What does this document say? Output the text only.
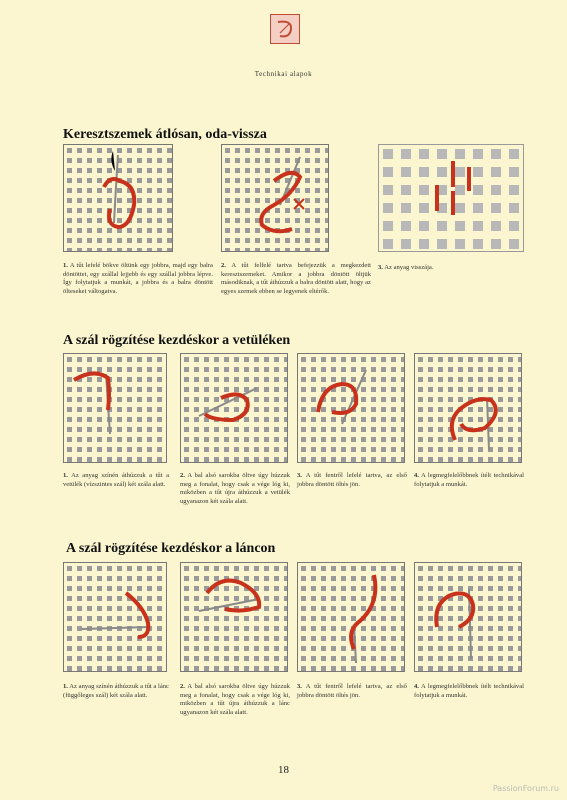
Technikai alapok
Keresztszemek átlósan, oda-vissza
1. A tűt lefelé bökve öltünk egy jobbra, majd egy balra döntöttet, egy szállal lejjebb és egy szállal jobbra lépve. Így folytatjuk a munkát, a jobbra és a balra döntött ölteseket váltogatva.
2. A tűt felfelé tartva befejezzük a megkezdett keresztszemeket. Amikor a jobbra döntött öltjük másodiknak, a tűt áthúzzuk a balra döntött alatt, hogy az egyes szemek ebben se legyenek eltérők.
3. Az anyag visszája.
A szál rögzítése kezdéskor a vetüléken
1. Az anyag színén áthúzzuk a tűt a vetülék (vízszintes szál) két szála alatt.
2. A bal alsó sarokba öltve úgy húzzuk meg a fonalat, hogy csak a vége lóg ki, miközben a tűt újra áthúzzuk a vetülék ugyanazon két szála alatt.
3. A tűt fentről lefelé tartva, az első jobbra döntött öltés jön.
4. A legmegfelelőbbnek ítélt technikával folytatjuk a munkát.
A szál rögzítése kezdéskor a láncon
1. Az anyag színén áthúzzuk a tűt a lánc (függőleges szál) két szála alatt.
2. A bal alsó sarokba öltve úgy húzzuk meg a fonalat, hogy csak a vége lóg ki, miközben a tűt újra áthúzzuk a lánc ugyanazon két szála alatt.
3. A tűt fentről lefelé tartva, az első jobbra döntött öltés jön.
4. A legmegfelelőbbnek ítélt technikával folytatjuk a munkát.
18
PassionForum.ru
